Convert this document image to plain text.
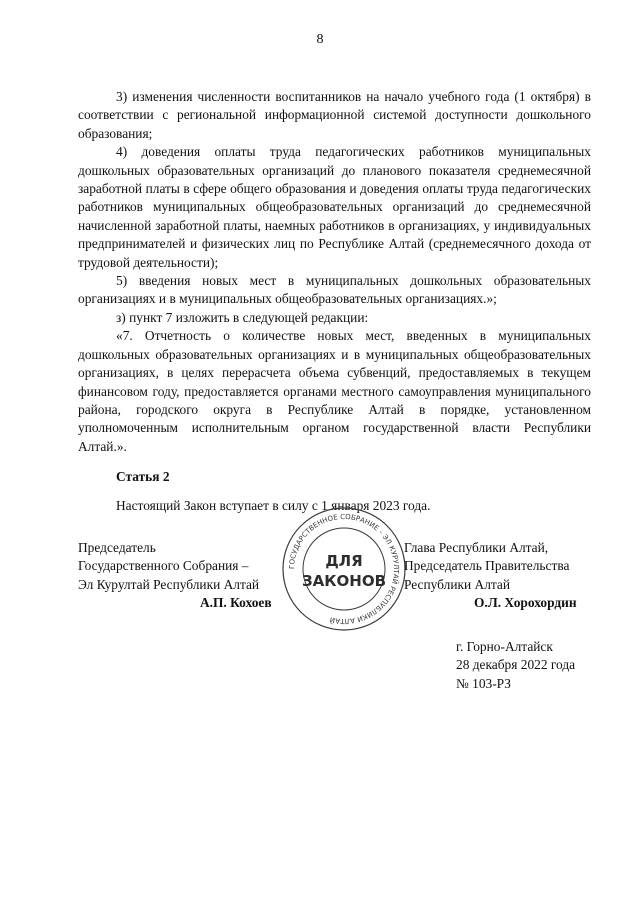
8

3) изменения численности воспитанников на начало учебного года (1 октября) в соответствии с региональной информационной системой доступности дошкольного образования;

4) доведения оплаты труда педагогических работников муниципальных дошкольных образовательных организаций до планового показателя среднемесячной заработной платы в сфере общего образования и доведения оплаты труда педагогических работников муниципальных общеобразовательных организаций до среднемесячной начисленной заработной платы, наемных работников в организациях, у индивидуальных предпринимателей и физических лиц по Республике Алтай (среднемесячного дохода от трудовой деятельности);

5) введения новых мест в муниципальных дошкольных образовательных организациях и в муниципальных общеобразовательных организациях.»;

з) пункт 7 изложить в следующей редакции:

«7. Отчетность о количестве новых мест, введенных в муниципальных дошкольных образовательных организациях и в муниципальных общеобразовательных организациях, в целях перерасчета объема субвенций, предоставляемых в текущем финансовом году, предоставляется органами местного самоуправления муниципального района, городского округа в Республике Алтай в порядке, установленном уполномоченным исполнительным органом государственной власти Республики Алтай.».

Статья 2

Настоящий Закон вступает в силу с 1 января 2023 года.

ГОСУДАРСТВЕННОЕ СОБРАНИЕ – ЭЛ КУРУЛТАЙ РЕСПУБЛИКИ АЛТАЙ
ДЛЯ
ЗАКОНОВ
Председатель
Государственного Собрания –
Эл Курултай Республики Алтай
А.П. Кохоев
Глава Республики Алтай,
Председатель Правительства
Республики Алтай
О.Л. Хорохордин
г. Горно-Алтайск
28 декабря 2022 года
№ 103-РЗ
